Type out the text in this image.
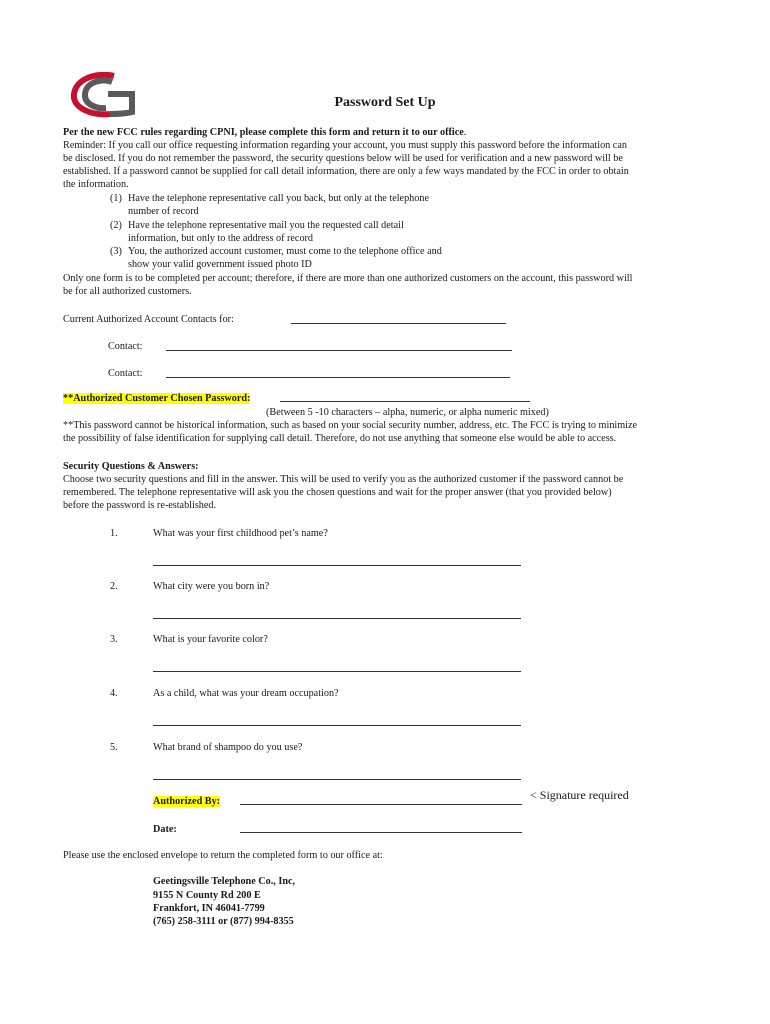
Password Set Up
Per the new FCC rules regarding CPNI, please complete this form and return it to our office.
Reminder: If you call our office requesting information regarding your account, you must supply this password before the information can
be disclosed. If you do not remember the password, the security questions below will be used for verification and a new password will be
established. If a password cannot be supplied for call detail information, there are only a few ways mandated by the FCC in order to obtain
the information.
(1) Have the telephone representative call you back, but only at the telephone
number of record
(2) Have the telephone representative mail you the requested call detail
information, but only to the address of record
(3) You, the authorized account customer, must come to the telephone office and
show your valid government issued photo ID
Only one form is to be completed per account; therefore, if there are more than one authorized customers on the account, this password will
be for all authorized customers.
Current Authorized Account Contacts for:
Contact:
Contact:
**Authorized Customer Chosen Password:
(Between 5 -10 characters – alpha, numeric, or alpha numeric mixed)
**This password cannot be historical information, such as based on your social security number, address, etc. The FCC is trying to minimize
the possibility of false identification for supplying call detail. Therefore, do not use anything that someone else would be able to access.
Security Questions & Answers:
Choose two security questions and fill in the answer. This will be used to verify you as the authorized customer if the password cannot be
remembered. The telephone representative will ask you the chosen questions and wait for the proper answer (that you provided below)
before the password is re-established.
1.	What was your first childhood pet’s name?
2.	What city were you born in?
3.	What is your favorite color?
4.	As a child, what was your dream occupation?
5.	What brand of shampoo do you use?
Authorized By:	< Signature required
Date:
Please use the enclosed envelope to return the completed form to our office at:
Geetingsville Telephone Co., Inc,
9155 N County Rd 200 E
Frankfort, IN 46041-7799
(765) 258-3111 or (877) 994-8355
